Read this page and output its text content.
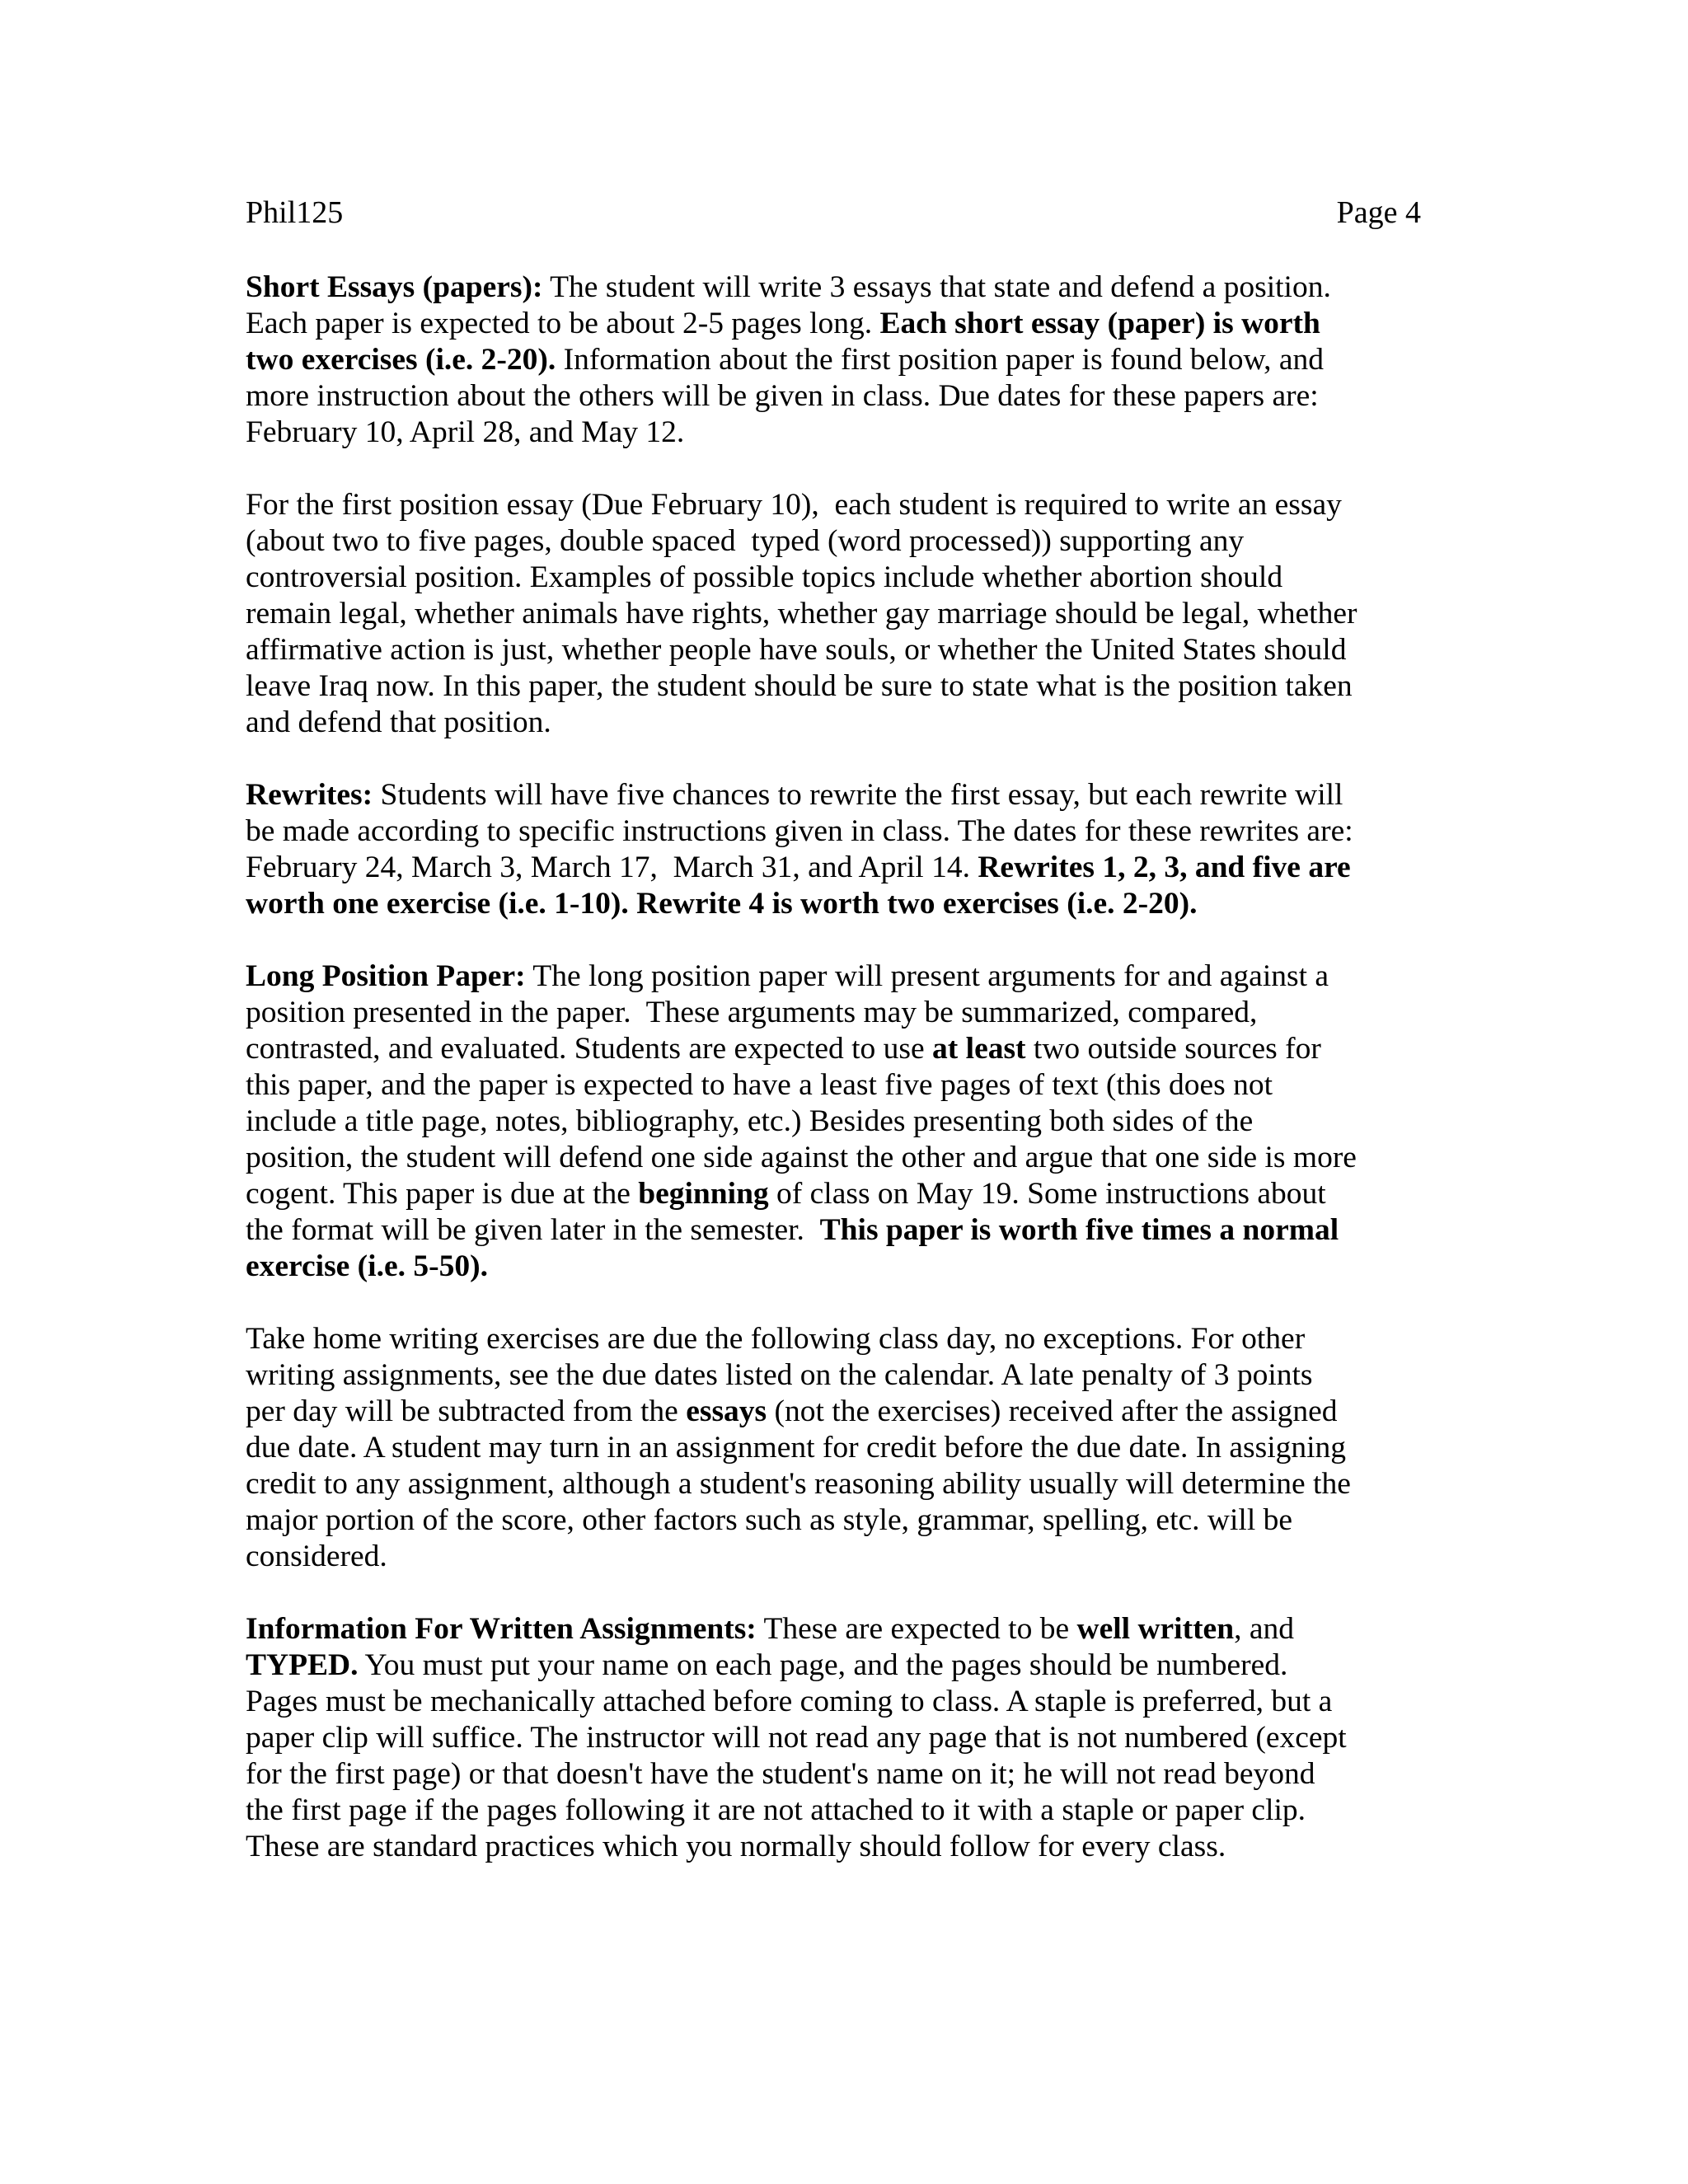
Phil125	Page 4
Short Essays (papers): The student will write 3 essays that state and defend a position.
Each paper is expected to be about 2-5 pages long. Each short essay (paper) is worth
two exercises (i.e. 2-20). Information about the first position paper is found below, and
more instruction about the others will be given in class. Due dates for these papers are:
February 10, April 28, and May 12.
For the first position essay (Due February 10),  each student is required to write an essay
(about two to five pages, double spaced  typed (word processed)) supporting any
controversial position. Examples of possible topics include whether abortion should
remain legal, whether animals have rights, whether gay marriage should be legal, whether
affirmative action is just, whether people have souls, or whether the United States should
leave Iraq now. In this paper, the student should be sure to state what is the position taken
and defend that position.
Rewrites: Students will have five chances to rewrite the first essay, but each rewrite will
be made according to specific instructions given in class. The dates for these rewrites are:
February 24, March 3, March 17,  March 31, and April 14. Rewrites 1, 2, 3, and five are
worth one exercise (i.e. 1-10). Rewrite 4 is worth two exercises (i.e. 2-20).
Long Position Paper: The long position paper will present arguments for and against a
position presented in the paper.  These arguments may be summarized, compared,
contrasted, and evaluated. Students are expected to use at least two outside sources for
this paper, and the paper is expected to have a least five pages of text (this does not
include a title page, notes, bibliography, etc.) Besides presenting both sides of the
position, the student will defend one side against the other and argue that one side is more
cogent. This paper is due at the beginning of class on May 19. Some instructions about
the format will be given later in the semester.  This paper is worth five times a normal
exercise (i.e. 5-50).
Take home writing exercises are due the following class day, no exceptions. For other
writing assignments, see the due dates listed on the calendar. A late penalty of 3 points
per day will be subtracted from the essays (not the exercises) received after the assigned
due date. A student may turn in an assignment for credit before the due date. In assigning
credit to any assignment, although a student's reasoning ability usually will determine the
major portion of the score, other factors such as style, grammar, spelling, etc. will be
considered.
Information For Written Assignments: These are expected to be well written, and
TYPED. You must put your name on each page, and the pages should be numbered.
Pages must be mechanically attached before coming to class. A staple is preferred, but a
paper clip will suffice. The instructor will not read any page that is not numbered (except
for the first page) or that doesn't have the student's name on it; he will not read beyond
the first page if the pages following it are not attached to it with a staple or paper clip.
These are standard practices which you normally should follow for every class.
